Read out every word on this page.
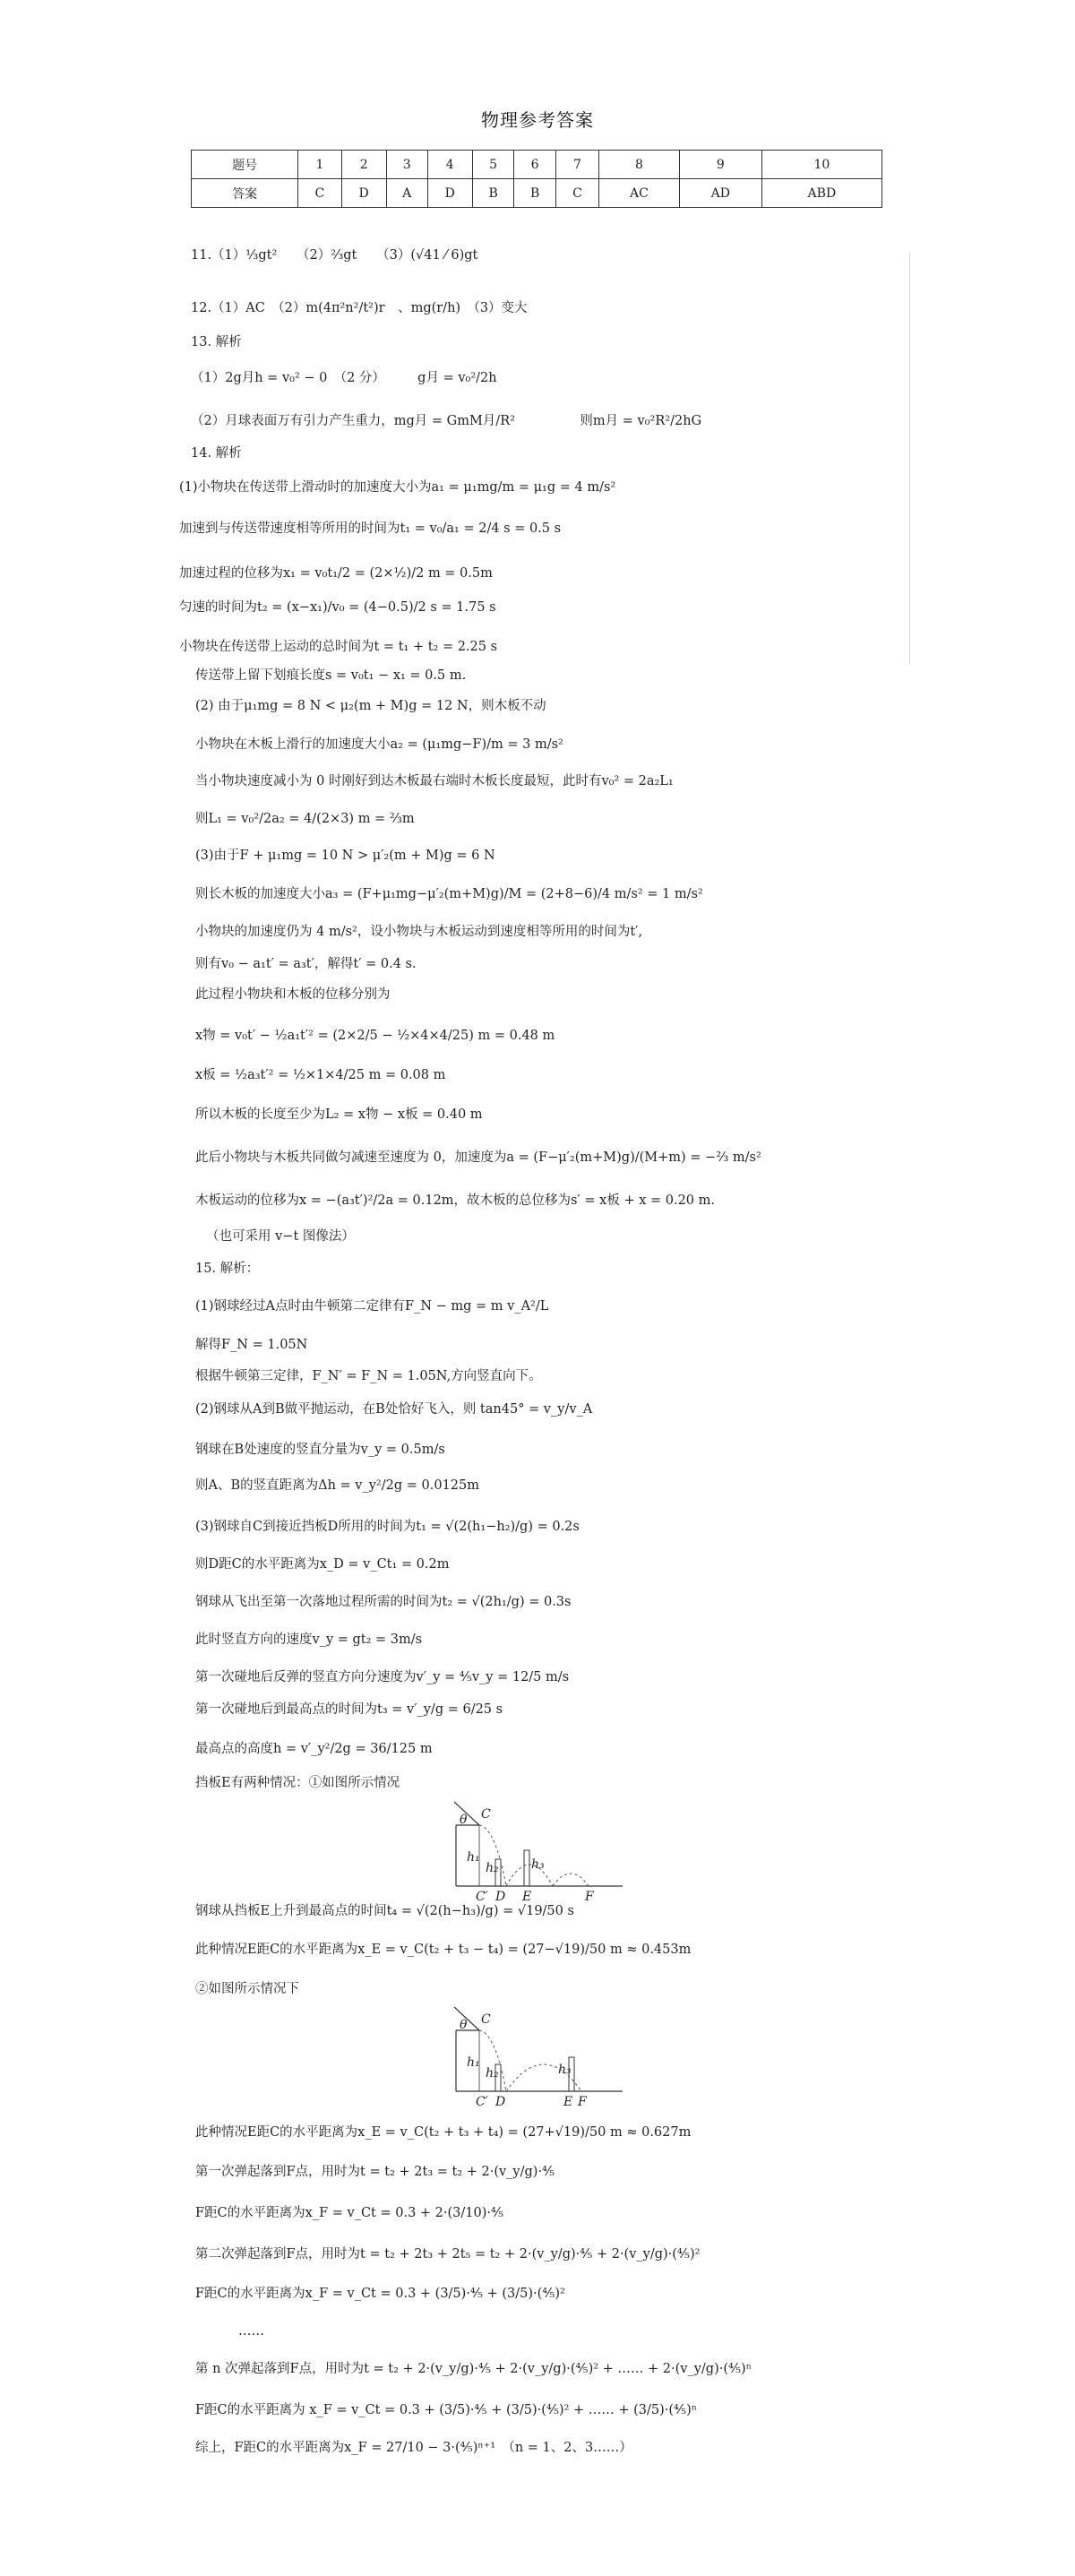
物理参考答案
题号	1	2	3	4	5	6	7	8	9	10
答案	C	D	A	D	B	B	C	AC	AD	ABD
11.（1）¹⁄₃gt²　　（2）²⁄₃gt　　（3）(√41 ⁄ 6)gt
12.（1）AC　（2）m(4π²n²/t²)r　、mg(r/h)　（3）变大
13. 解析
（1）2g月h = v₀² − 0　（2 分）　　　g月 = v₀²/2h
（2）月球表面万有引力产生重力，mg月 = GmM月/R²　　　　　则m月 = v₀²R²/2hG
14. 解析
(1)小物块在传送带上滑动时的加速度大小为a₁ = μ₁mg/m = μ₁g = 4 m/s²
加速到与传送带速度相等所用的时间为t₁ = v₀/a₁ = 2/4 s = 0.5 s
加速过程的位移为x₁ = v₀t₁/2 = (2×½)/2 m = 0.5m
匀速的时间为t₂ = (x−x₁)/v₀ = (4−0.5)/2 s = 1.75 s
小物块在传送带上运动的总时间为t = t₁ + t₂ = 2.25 s
传送带上留下划痕长度s = v₀t₁ − x₁ = 0.5 m.
(2) 由于μ₁mg = 8 N < μ₂(m + M)g = 12 N，则木板不动
小物块在木板上滑行的加速度大小a₂ = (μ₁mg−F)/m = 3 m/s²
当小物块速度减小为 0 时刚好到达木板最右端时木板长度最短，此时有v₀² = 2a₂L₁
则L₁ = v₀²/2a₂ = 4/(2×3) m = ⅔m
(3)由于F + μ₁mg = 10 N > μ′₂(m + M)g = 6 N
则长木板的加速度大小a₃ = (F+μ₁mg−μ′₂(m+M)g)/M = (2+8−6)/4 m/s² = 1 m/s²
小物块的加速度仍为 4 m/s²，设小物块与木板运动到速度相等所用的时间为t′,
则有v₀ − a₁t′ = a₃t′，解得t′ = 0.4 s.
此过程小物块和木板的位移分别为
x物 = v₀t′ − ½a₁t′² = (2×2/5 − ½×4×4/25) m = 0.48 m
x板 = ½a₃t′² = ½×1×4/25 m = 0.08 m
所以木板的长度至少为L₂ = x物 − x板 = 0.40 m
此后小物块与木板共同做匀减速至速度为 0，加速度为a = (F−μ′₂(m+M)g)/(M+m) = −⅔ m/s²
木板运动的位移为x = −(a₃t′)²/2a = 0.12m，故木板的总位移为s′ = x板 + x = 0.20 m.
（也可采用 v−t 图像法）
15. 解析：
(1)钢球经过A点时由牛顿第二定律有F_N − mg = m v_A²/L
解得F_N = 1.05N
根据牛顿第三定律，F_N′ = F_N = 1.05N,方向竖直向下。
(2)钢球从A到B做平抛运动，在B处恰好飞入，则 tan45° = v_y/v_A
钢球在B处速度的竖直分量为v_y = 0.5m/s
则A、B的竖直距离为Δh = v_y²/2g = 0.0125m
(3)钢球自C到接近挡板D所用的时间为t₁ = √(2(h₁−h₂)/g) = 0.2s
则D距C的水平距离为x_D = v_Ct₁ = 0.2m
钢球从飞出至第一次落地过程所需的时间为t₂ = √(2h₁/g) = 0.3s
此时竖直方向的速度v_y = gt₂ = 3m/s
第一次碰地后反弹的竖直方向分速度为v′_y = ⅘v_y = 12/5 m/s
第一次碰地后到最高点的时间为t₃ = v′_y/g = 6/25 s
最高点的高度h = v′_y²/2g = 36/125 m
挡板E有两种情况：①如图所示情况
θ C
h₁
h₂	h₃
C′ D E	F
钢球从挡板E上升到最高点的时间t₄ = √(2(h−h₃)/g) = √19/50 s
此种情况E距C的水平距离为x_E = v_C(t₂ + t₃ − t₄) = (27−√19)/50 m ≈ 0.453m
②如图所示情况下
θ C
h₁
h₂	h₃
C′ D	E F
此种情况E距C的水平距离为x_E = v_C(t₂ + t₃ + t₄) = (27+√19)/50 m ≈ 0.627m
第一次弹起落到F点，用时为t = t₂ + 2t₃ = t₂ + 2·(v_y/g)·⅘
F距C的水平距离为x_F = v_Ct = 0.3 + 2·(3/10)·⅘
第二次弹起落到F点，用时为t = t₂ + 2t₃ + 2t₅ = t₂ + 2·(v_y/g)·⅘ + 2·(v_y/g)·(⅘)²
F距C的水平距离为x_F = v_Ct = 0.3 + (3/5)·⅘ + (3/5)·(⅘)²
……
第 n 次弹起落到F点，用时为t = t₂ + 2·(v_y/g)·⅘ + 2·(v_y/g)·(⅘)² + …… + 2·(v_y/g)·(⅘)ⁿ
F距C的水平距离为 x_F = v_Ct = 0.3 + (3/5)·⅘ + (3/5)·(⅘)² + …… + (3/5)·(⅘)ⁿ
综上，F距C的水平距离为x_F = 27/10 − 3·(⅘)ⁿ⁺¹　（n = 1、2、3……）
